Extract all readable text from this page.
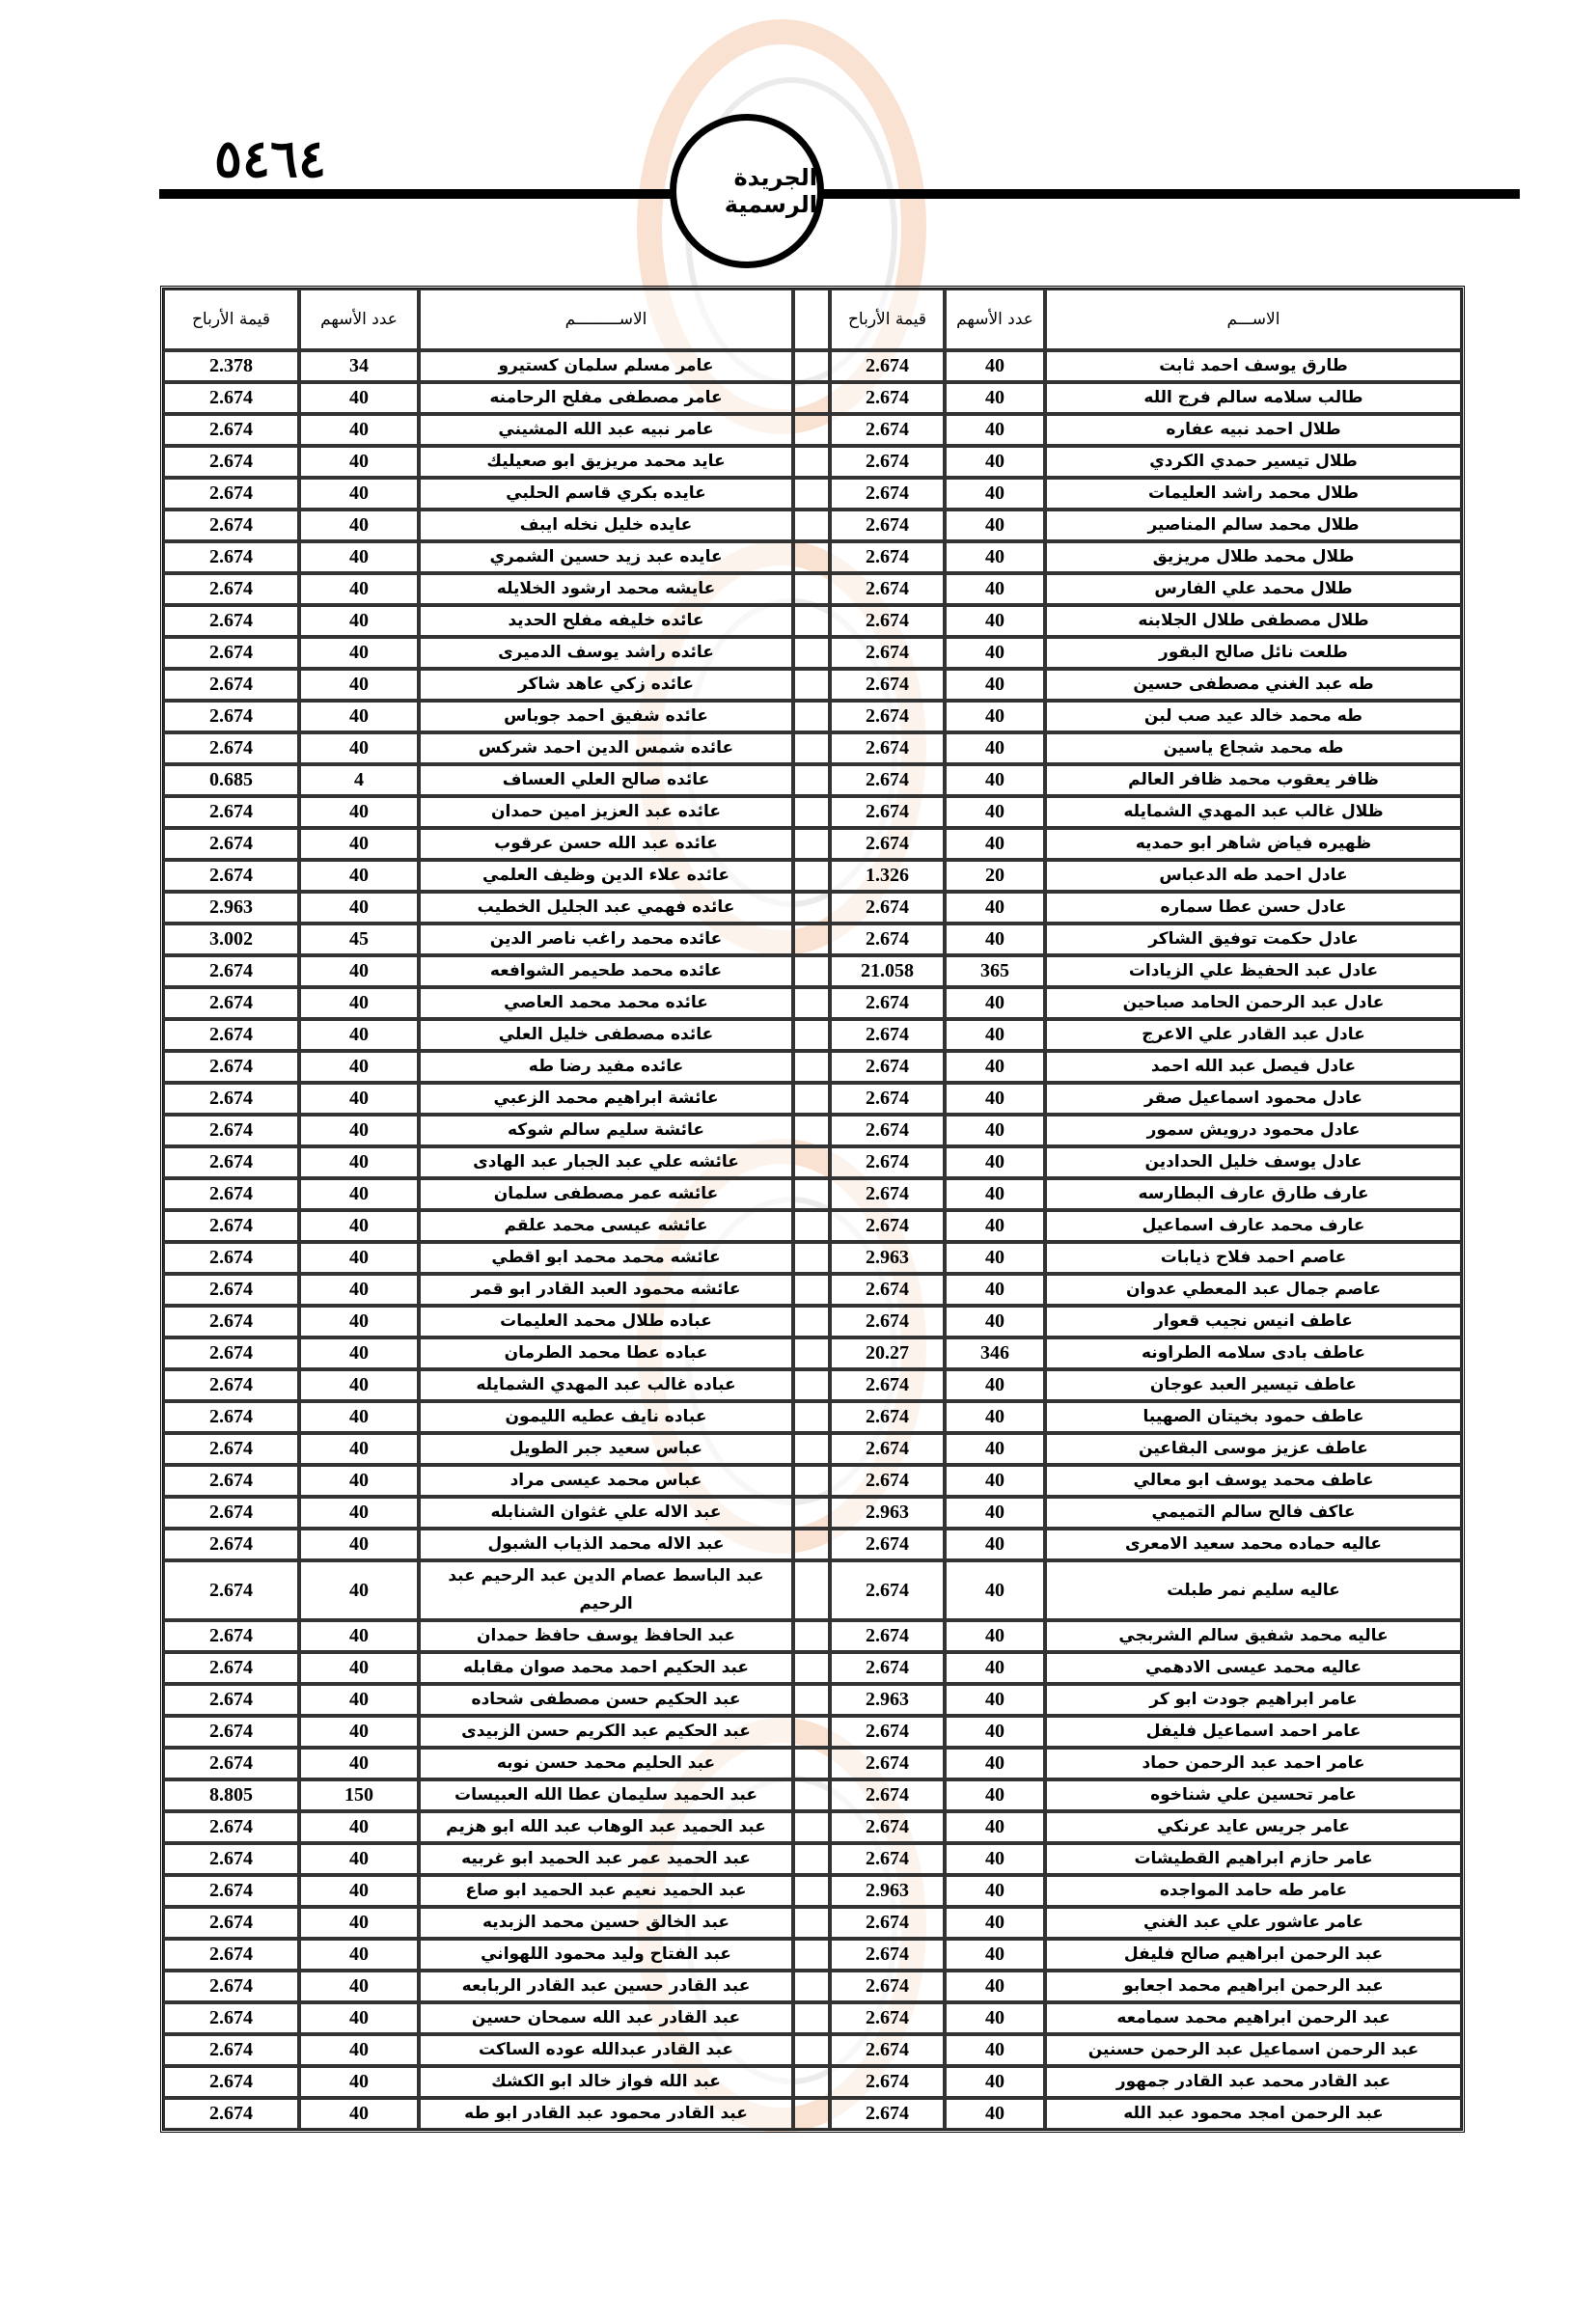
٥٤٦٤	الجريدة الرسمية
قيمة الأرباح	عدد الأسهم	الاســـــــــم		قيمة الأرباح	عدد الأسهم	الاســـم
2.378	34	عامر مسلم سلمان كستيرو		2.674	40	طارق يوسف احمد ثابت
2.674	40	عامر مصطفى مفلح الرحامنه		2.674	40	طالب سلامه سالم فرج الله
2.674	40	عامر نبيه عبد الله المشيني		2.674	40	طلال احمد نبيه عفاره
2.674	40	عايد محمد مريزيق ابو صعيليك		2.674	40	طلال تيسير حمدي الكردي
2.674	40	عايده بكري قاسم الحلبي		2.674	40	طلال محمد راشد العليمات
2.674	40	عايده خليل نخله ايبف		2.674	40	طلال محمد سالم المناصير
2.674	40	عايده عبد زيد حسين الشمري		2.674	40	طلال محمد طلال مريزيق
2.674	40	عايشه محمد ارشود الخلايله		2.674	40	طلال محمد علي الفارس
2.674	40	عائده خليفه مفلح الحديد		2.674	40	طلال مصطفى طلال الجلابنه
2.674	40	عائده راشد يوسف الدميرى		2.674	40	طلعت نائل صالح البقور
2.674	40	عائده زكي عاهد شاكر		2.674	40	طه عبد الغني مصطفى حسين
2.674	40	عائده شفيق احمد جوباس		2.674	40	طه محمد خالد عيد صب لبن
2.674	40	عائده شمس الدين احمد شركس		2.674	40	طه محمد شجاع ياسين
0.685	4	عائده صالح العلي العساف		2.674	40	ظافر يعقوب محمد ظافر العالم
2.674	40	عائده عبد العزيز امين حمدان		2.674	40	ظلال غالب عبد المهدي الشمايله
2.674	40	عائده عبد الله حسن عرقوب		2.674	40	ظهيره فياض شاهر ابو حمديه
2.674	40	عائده علاء الدين وظيف العلمي		1.326	20	عادل احمد طه الدعباس
2.963	40	عائده فهمي عبد الجليل الخطيب		2.674	40	عادل حسن عطا سماره
3.002	45	عائده محمد راغب ناصر الدين		2.674	40	عادل حكمت توفيق الشاكر
2.674	40	عائده محمد طحيمر الشوافعه		21.058	365	عادل عبد الحفيظ علي الزيادات
2.674	40	عائده محمد محمد العاصي		2.674	40	عادل عبد الرحمن الحامد صباحين
2.674	40	عائده مصطفى خليل العلي		2.674	40	عادل عبد القادر علي الاعرج
2.674	40	عائده مفيد رضا طه		2.674	40	عادل فيصل عبد الله احمد
2.674	40	عائشة ابراهيم محمد الزعبي		2.674	40	عادل محمود اسماعيل صقر
2.674	40	عائشة سليم سالم شوكه		2.674	40	عادل محمود درويش سمور
2.674	40	عائشه علي عبد الجبار عبد الهادى		2.674	40	عادل يوسف خليل الحدادين
2.674	40	عائشه عمر مصطفى سلمان		2.674	40	عارف طارق عارف البطارسه
2.674	40	عائشه عيسى محمد علقم		2.674	40	عارف محمد عارف اسماعيل
2.674	40	عائشه محمد محمد ابو اقطي		2.963	40	عاصم احمد فلاح ذيابات
2.674	40	عائشه محمود العبد القادر ابو قمر		2.674	40	عاصم جمال عبد المعطي عدوان
2.674	40	عباده طلال محمد العليمات		2.674	40	عاطف انيس نجيب قعوار
2.674	40	عباده عطا محمد الطرمان		20.27	346	عاطف بادى سلامه الطراونه
2.674	40	عباده غالب عبد المهدي الشمايله		2.674	40	عاطف تيسير العبد عوجان
2.674	40	عباده نايف عطيه الليمون		2.674	40	عاطف حمود بخيتان الصهيبا
2.674	40	عباس سعيد جبر الطويل		2.674	40	عاطف عزيز موسى البقاعين
2.674	40	عباس محمد عيسى مراد		2.674	40	عاطف محمد يوسف ابو معالي
2.674	40	عبد الاله علي غثوان الشنابله		2.963	40	عاكف فالح سالم التميمي
2.674	40	عبد الاله محمد الذياب الشبول		2.674	40	عاليه حماده محمد سعيد الامعرى
2.674	40	عبد الباسط عصام الدين عبد الرحيم عبد الرحيم		2.674	40	عاليه سليم نمر طبلت
2.674	40	عبد الحافظ يوسف حافظ حمدان		2.674	40	عاليه محمد شفيق سالم الشربجي
2.674	40	عبد الحكيم احمد محمد صوان مقابله		2.674	40	عاليه محمد عيسى الادهمي
2.674	40	عبد الحكيم حسن مصطفى شحاده		2.963	40	عامر ابراهيم جودت ابو كر
2.674	40	عبد الحكيم عبد الكريم حسن الزبيدى		2.674	40	عامر احمد اسماعيل فليفل
2.674	40	عبد الحليم محمد حسن نوبه		2.674	40	عامر احمد عبد الرحمن حماد
8.805	150	عبد الحميد سليمان عطا الله العبيسات		2.674	40	عامر تحسين علي شناخوه
2.674	40	عبد الحميد عبد الوهاب عبد الله ابو هزيم		2.674	40	عامر جريس عايد عرنكي
2.674	40	عبد الحميد عمر عبد الحميد ابو غربيه		2.674	40	عامر حازم ابراهيم القطيشات
2.674	40	عبد الحميد نعيم عبد الحميد ابو صاع		2.963	40	عامر طه حامد المواجده
2.674	40	عبد الخالق حسين محمد الزبديه		2.674	40	عامر عاشور علي عبد الغني
2.674	40	عبد الفتاح وليد محمود اللهواني		2.674	40	عبد الرحمن ابراهيم صالح فليفل
2.674	40	عبد القادر حسين عبد القادر الربابعه		2.674	40	عبد الرحمن ابراهيم محمد اجعابو
2.674	40	عبد القادر عبد الله سمحان حسين		2.674	40	عبد الرحمن ابراهيم محمد سمامعه
2.674	40	عبد القادر عبدالله عوده الساكت		2.674	40	عبد الرحمن اسماعيل عبد الرحمن حسنين
2.674	40	عبد الله فواز خالد ابو الكشك		2.674	40	عبد القادر محمد عبد القادر جمهور
2.674	40	عبد القادر محمود عبد القادر ابو طه		2.674	40	عبد الرحمن امجد محمود عبد الله
